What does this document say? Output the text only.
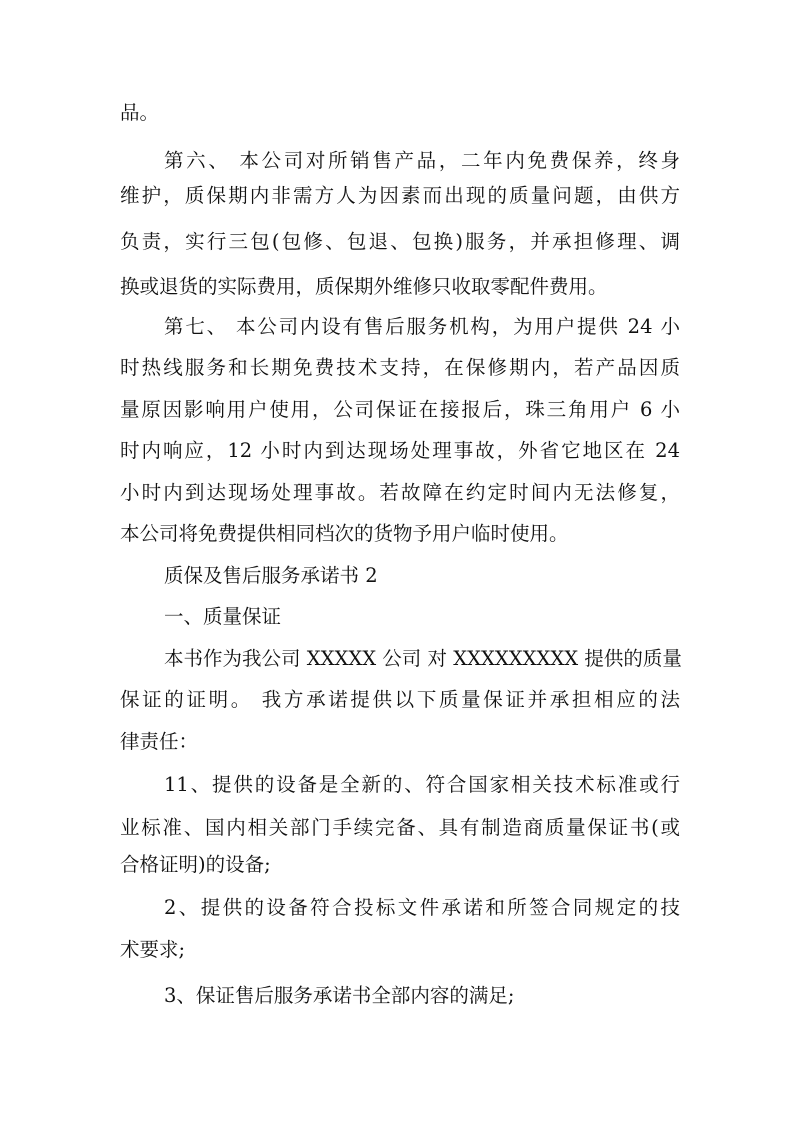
品。
第六、 本公司对所销售产品，二年内免费保养，终身
维护，质保期内非需方人为因素而出现的质量问题，由供方
负责，实行三包(包修、包退、包换)服务，并承担修理、调
换或退货的实际费用，质保期外维修只收取零配件费用。
第七、 本公司内设有售后服务机构，为用户提供 24 小
时热线服务和长期免费技术支持，在保修期内，若产品因质
量原因影响用户使用，公司保证在接报后，珠三角用户 6 小
时内响应，12 小时内到达现场处理事故，外省它地区在 24
小时内到达现场处理事故。若故障在约定时间内无法修复，
本公司将免费提供相同档次的货物予用户临时使用。
质保及售后服务承诺书 2
一、质量保证
本书作为我公司 XXXXX 公司 对 XXXXXXXXX 提供的质量
保证的证明。 我方承诺提供以下质量保证并承担相应的法
律责任：
11、提供的设备是全新的、符合国家相关技术标准或行
业标准、国内相关部门手续完备、具有制造商质量保证书(或
合格证明)的设备;
2、提供的设备符合投标文件承诺和所签合同规定的技
术要求;
3、保证售后服务承诺书全部内容的满足;
